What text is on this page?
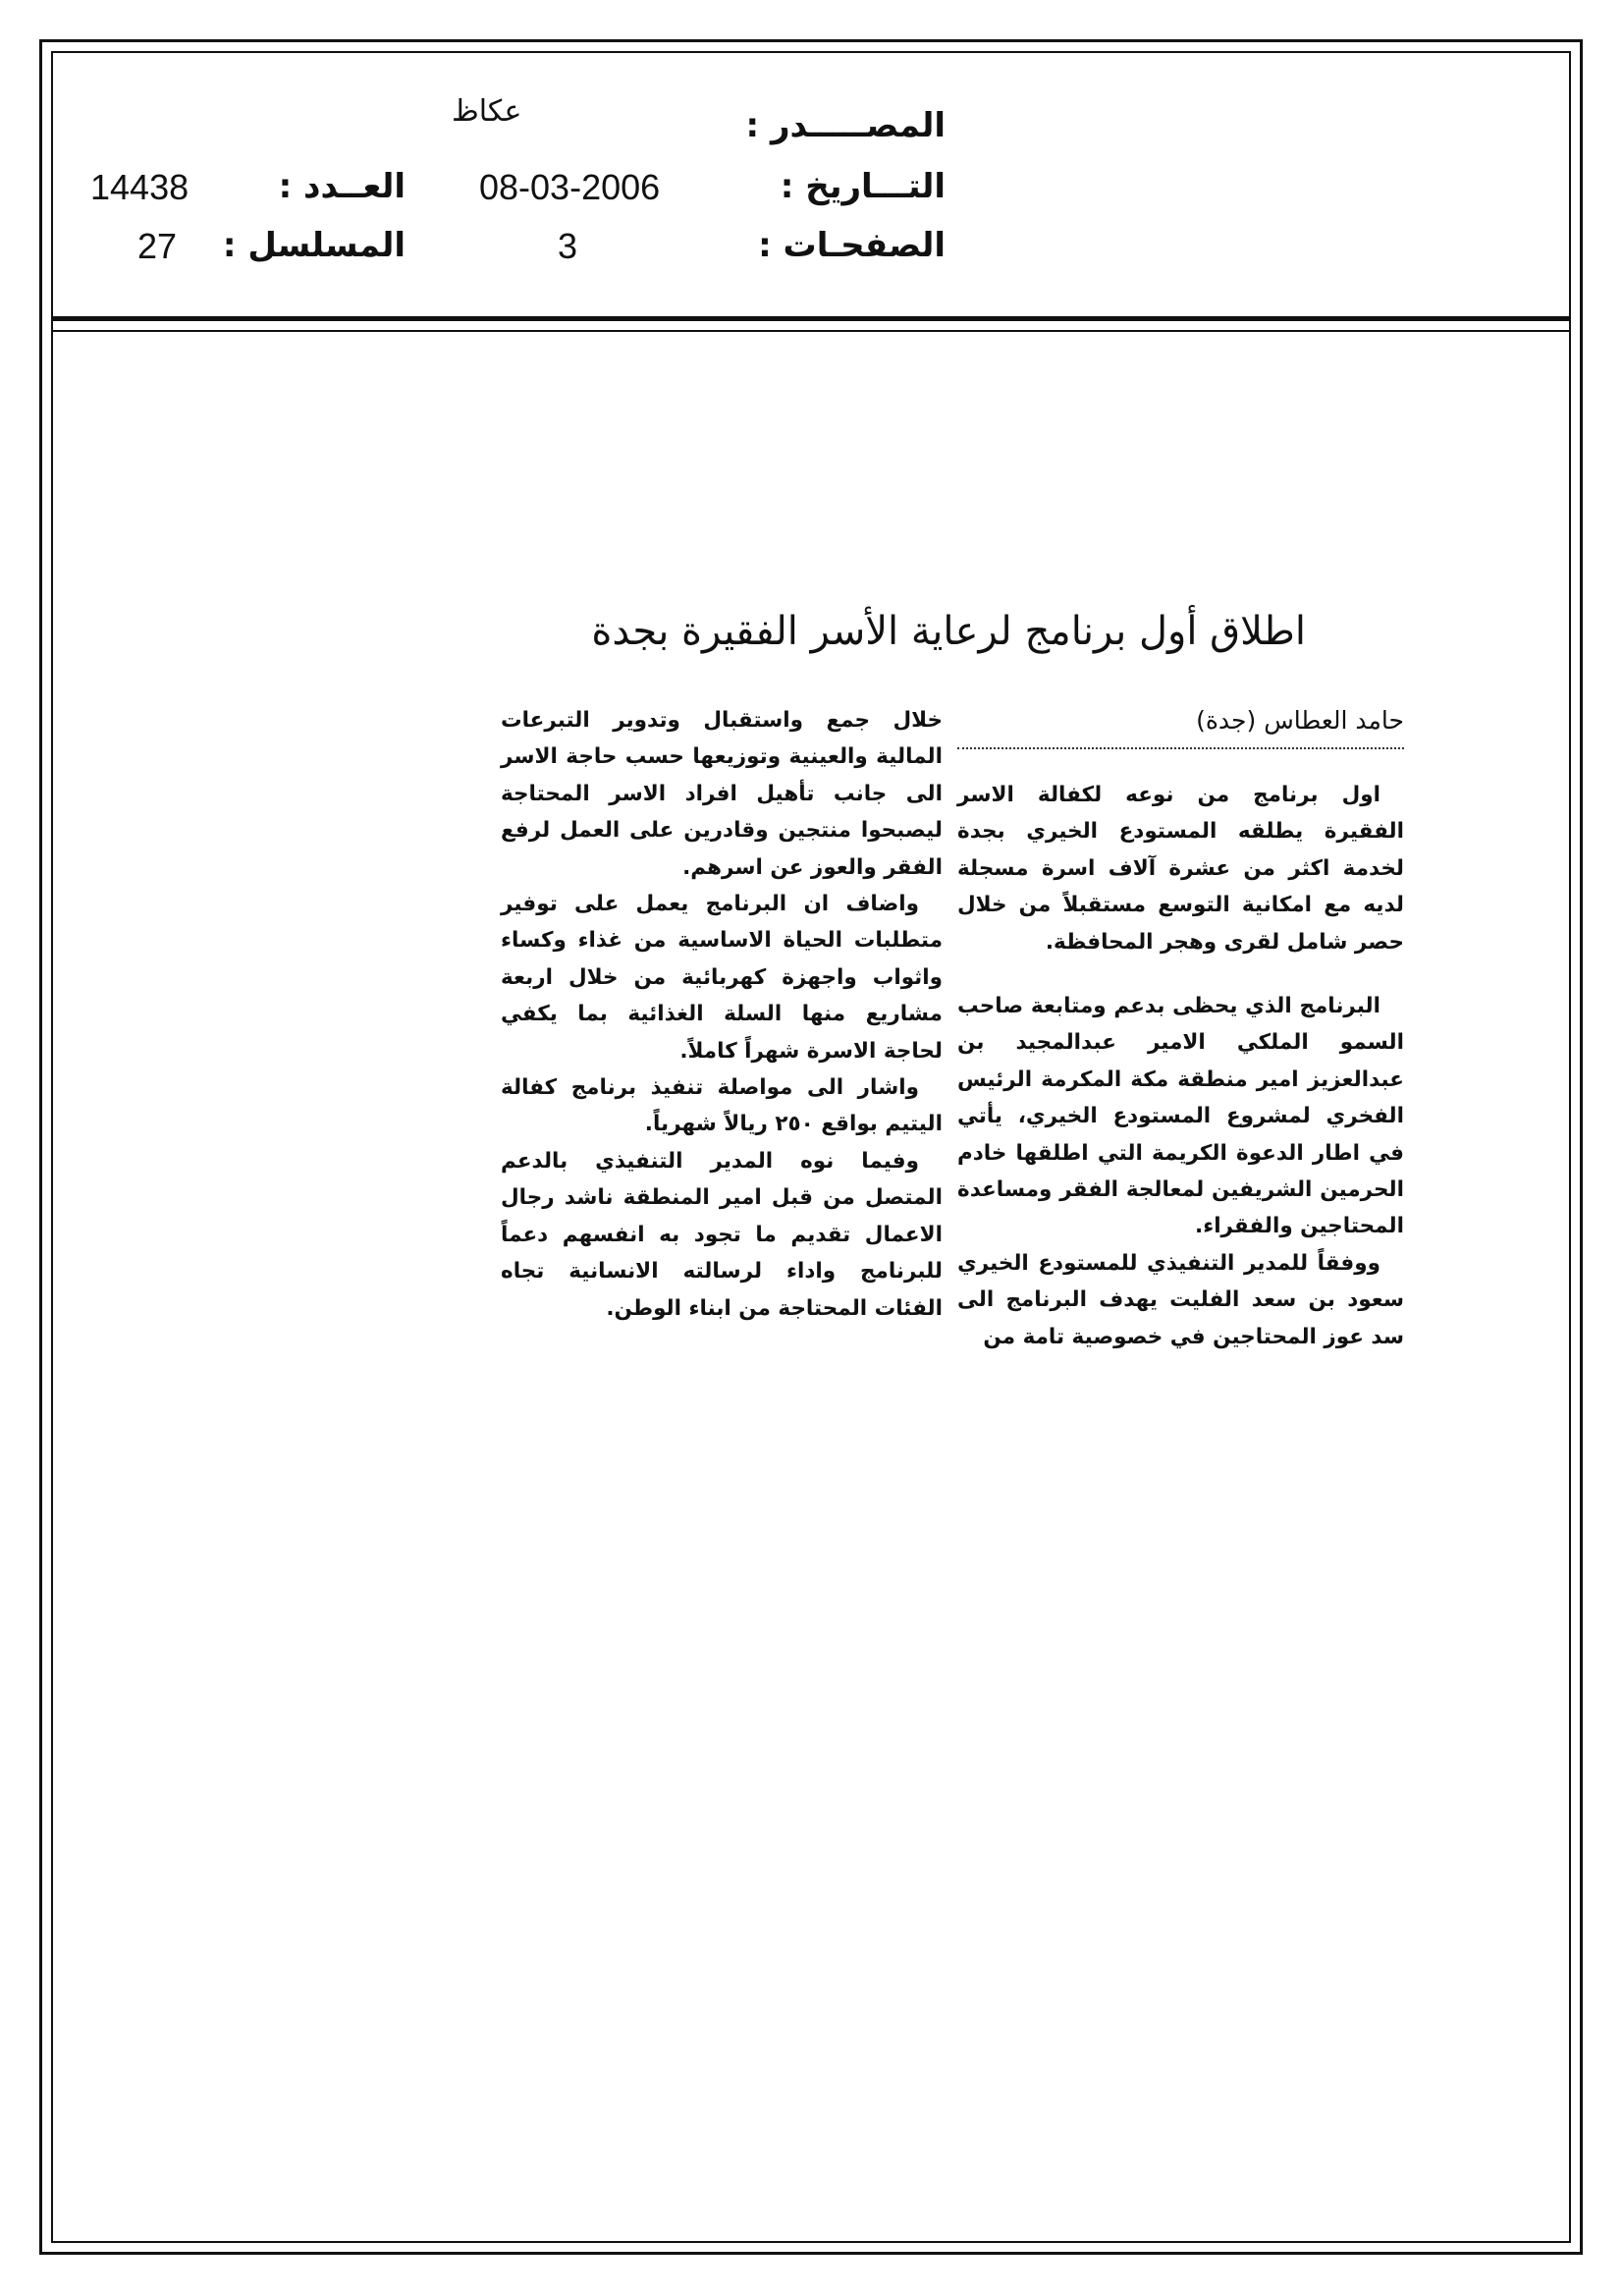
المصـــــدر :
عكاظ
التـــاريخ :
08-03-2006
العــدد :
14438
الصفحـات :
3
المسلسل :
27
اطلاق أول برنامج لرعاية الأسر الفقيرة بجدة
حامد العطاس (جدة)

اول برنامج من نوعه لكفالة الاسر الفقيرة يطلقه المستودع الخيري بجدة لخدمة اكثر من عشرة آلاف اسرة مسجلة لديه مع امكانية التوسع مستقبلاً من خلال حصر شامل لقرى وهجر المحافظة.

البرنامج الذي يحظى بدعم ومتابعة صاحب السمو الملكي الامير عبدالمجيد بن عبدالعزيز امير منطقة مكة المكرمة الرئيس الفخري لمشروع المستودع الخيري، يأتي في اطار الدعوة الكريمة التي اطلقها خادم الحرمين الشريفين لمعالجة الفقر ومساعدة المحتاجين والفقراء.

ووفقاً للمدير التنفيذي للمستودع الخيري سعود بن سعد الفليت يهدف البرنامج الى سد عوز المحتاجين في خصوصية تامة من

خلال جمع واستقبال وتدوير التبرعات المالية والعينية وتوزيعها حسب حاجة الاسر الى جانب تأهيل افراد الاسر المحتاجة ليصبحوا منتجين وقادرين على العمل لرفع الفقر والعوز عن اسرهم.

واضاف ان البرنامج يعمل على توفير متطلبات الحياة الاساسية من غذاء وكساء واثواب واجهزة كهربائية من خلال اربعة مشاريع منها السلة الغذائية بما يكفي لحاجة الاسرة شهراً كاملاً.

واشار الى مواصلة تنفيذ برنامج كفالة اليتيم بواقع ٢٥٠ ريالاً شهرياً.

وفيما نوه المدير التنفيذي بالدعم المتصل من قبل امير المنطقة ناشد رجال الاعمال تقديم ما تجود به انفسهم دعماً للبرنامج واداء لرسالته الانسانية تجاه الفئات المحتاجة من ابناء الوطن.
